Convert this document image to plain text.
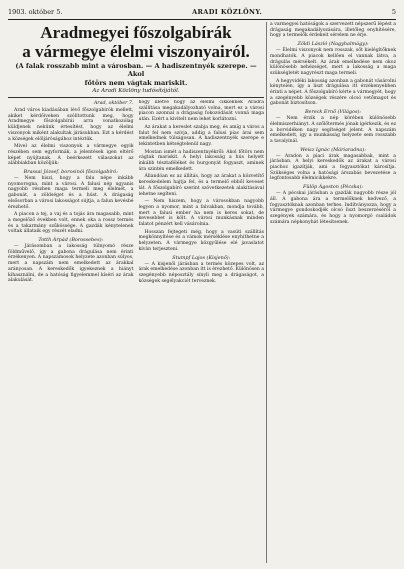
1903. október 5.	ARADI KÖZLÖNY.	5
Aradmegyei főszolgabírák
a vármegye élelmi viszonyairól.
(A falak rosszabb mint a városban. — A hadiszentnyék szerepe. — Akol
főtörs nem vágtak mariskit.
Az Aradi Közlöny tudósítójától.
Arad, október 7.

Arad város kiadásában lévő főszolgabírók mellett, akiket kérdőiveken szólítottunk meg, hogy Aradmegye főszolgabírái arra vonatkozólag küldjenek nekünk értesítést, hogy az élelmi viszonyok miként alakultak járásukban. Ezt a kérdést a községek elöljáróságához intéztük.

Mivel az élelmi viszonyok a vármegye egyik részében sem egyformák, a jelentések igen eltérő képet nyújtanak. A beérkezett válaszokat az alábbiakban közöljük:

Brassai József, borosinói főszolgabíró:

— Nem hiszi, hogy a falu népe inkább nyomorogna, mint a városi. A falusi nép ugyanis nagyobb részben maga termeli meg élelmét, a gabonát, a zöldséget és a húst. A drágaság elsősorban a városi lakosságot sújtja, a falun kevésbé érezhető.

A piacon a tej, a vaj és a tojás ára magasabb, mint a megelőző években volt, ennek oka a rossz termés és a takarmány szűkössége. A gazdák kénytelenek voltak állataik egy részét eladni.

Totth Árpád (Borossebes):

— Járásomban a lakosság túlnyomó része földművelő, így a gabona drágulása nem érinti érzékenyen. A napszámosok helyzete azonban súlyos, mert a napszám nem emelkedett az árakkal arányosan. A kereskedők igyekeznek a hiányt kihasználni, de a hatóság figyelemmel kíséri az árak alakulását.

hogy illetve hogy az élelmi cikkeknek Aradra szállítása megakadályozható volna, mert ez a városi piacon azonnal a drágaság fokozódását vonná maga után. Ezért a kivitelt nem lehet korlátozni.

Az árakat a kereslet szabja meg, és amíg a város a falut fel nem szívja, addig a falusi piac árai sem emelkednek túlságosan. A hadiszentnyék szerepe e tekintetben kétségtelenül nagy.

Mostan ismét a hadiszentnyékről: Akol főtörs nem vágtak mariskit. A helyi lakosság a hús helyett inkább tésztaféléket és burgonyát fogyaszt, aminek ára szintén emelkedett.

Állandóan ez az állítás, hogy az árakat a közvetítő kereskedelem hajtja fel, és a termelő ebből keveset lát. A főszolgabíró szerint szövetkezetek alakításával lehetne segíteni.

— Nem hiszem, hogy a városokban nagyobb legyen a nyomor, mint a falvakban, mondja tovább, mert a falusi ember ha nem is keres sokat, de kevesebbet is költ. A városi munkásnak minden falatot pénzért kell vásárolnia.

Hosszan fejtegeti még, hogy a vasúti szállítás megkönnyítése és a vámok mérséklése enyhíthetne a helyzeten. A vármegye közgyűlése elé javaslatot kíván terjeszteni.

Stumpf Lajos (Kisjenő):

— A kisjenői járásban a termés közepes volt, az árak emelkedése azonban itt is érezhető. Különösen a szegényebb néposztály sínyli meg a drágaságot, a községek segélyakciót terveznek.

a varmegyei hatóságok a szervezett népszerű lépést a drágaság megakadályozására, illetőleg enyhítésére, hogy a termelők érdekeit sérelem ne érje.

Zöldi László (Nagyhalmágy):

— Élelmi viszonyok nem rosszak, sőt kielégítőknek mondhatók. A piacok kellően el vannak látva, a drágulás mérsékelt. Az árak emelkedése nem okoz különösebb nehézséget, mert a lakosság a maga szükségletét nagyrészt maga termeli.

A hegyvidéki lakosság azonban a gabonát vásárolni kénytelen, így a liszt drágulása itt érzékenyebben érinti a népet. A főszolgabíró kérte a vármegyét, hogy a szegényebb községek részére olcsó vetőmagot és gabonát biztosítson.

Bereck Ernő (Világos):

— Nem érzik a nép körében különösebb élelmiszerhiányt. A szőlőtermés jónak ígérkezik, és ez a borvidéken nagy segítséget jelent. A napszám emelkedett, így a munkásság helyzete sem rosszabb a tavalyinál.

Weisz Ignác (Máriaradna):

— Aradon a piaci árak magasabbak, mint a járásban. A helyi kereskedők az árakat a városi piachoz igazítják, ami a fogyasztókat károsítja. Szükséges volna a hatósági árszabás bevezetése a legfontosabb élelmicikkekre.

Fülöp Ágoston (Pécska):

— A pécskai járásban a gazdák nagyobb része jól áll. A gabona ára a termelőknek kedvező, a fogyasztóknak azonban terhes. Indítványozza, hogy a vármegye gondoskodjék olcsó liszt beszerzéséről a szegények számára, és hogy a nyomorgó családok számára népkonyhát létesítsenek.
